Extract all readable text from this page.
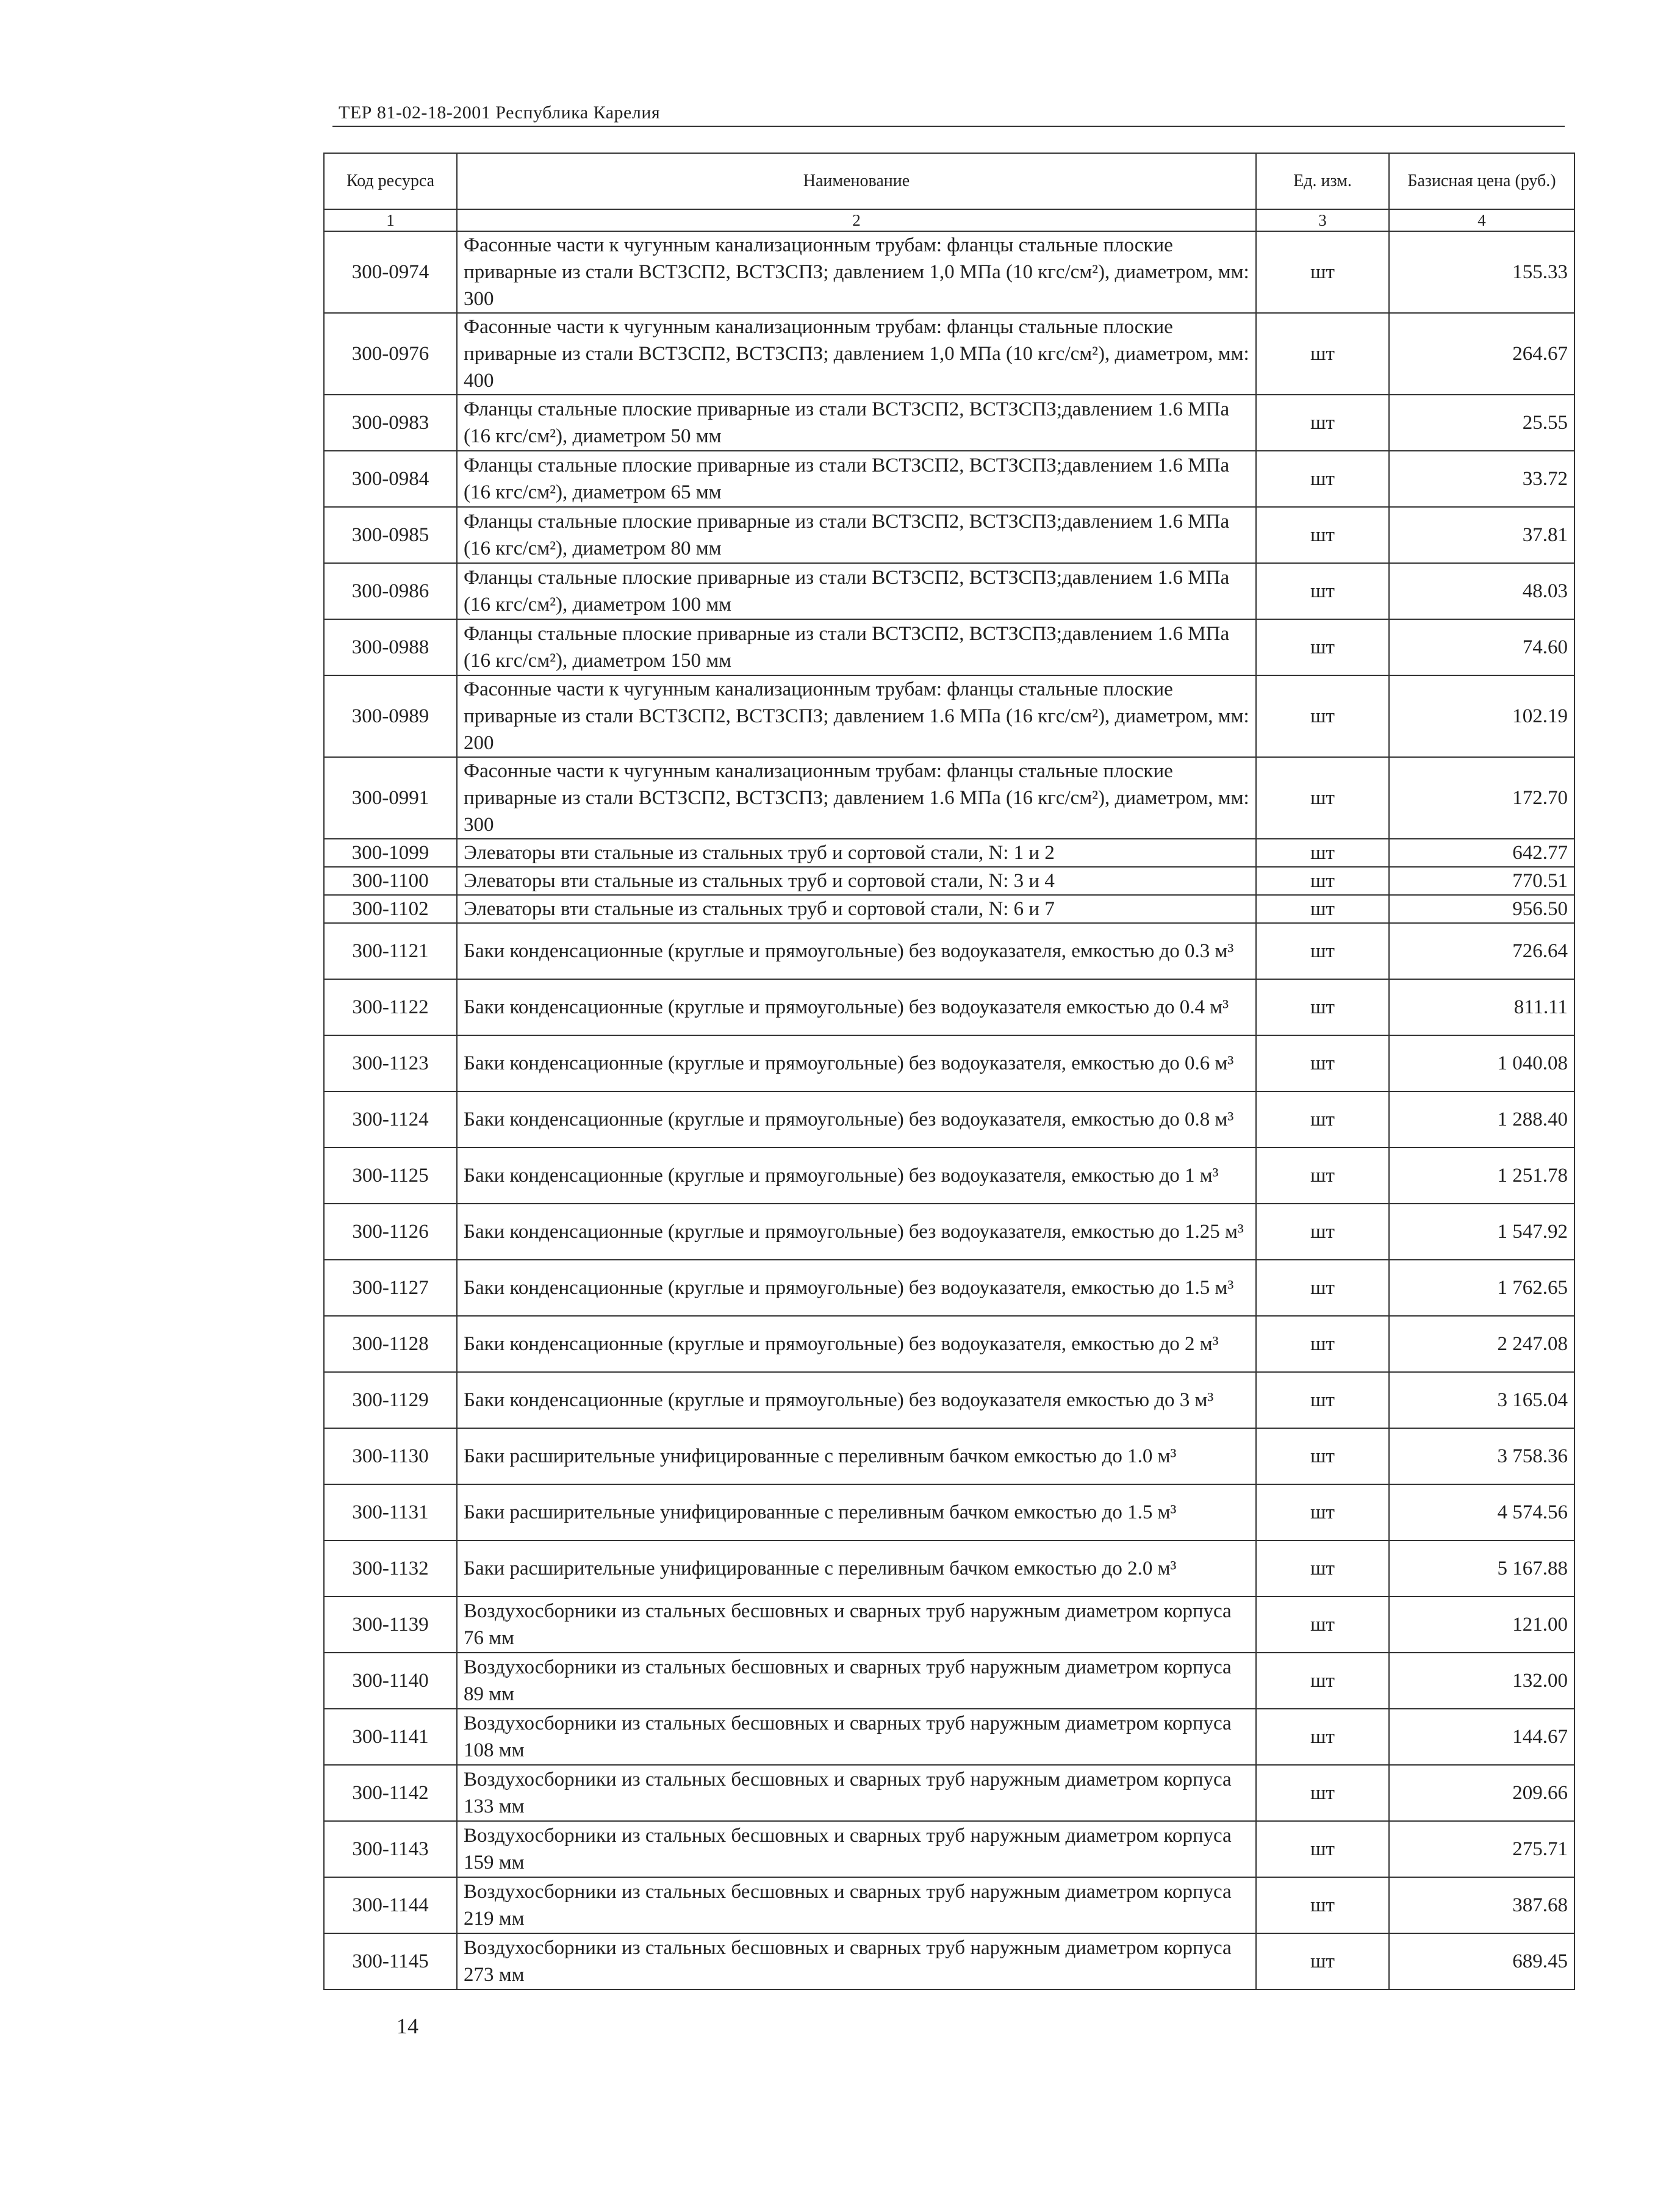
ТЕР 81-02-18-2001 Республика Карелия
Код ресурса	Наименование	Ед. изм.	Базисная цена (руб.)
1	2	3	4
300-0974	Фасонные части к чугунным канализационным трубам: фланцы стальные плоские приварные из стали ВСТЗСП2, ВСТЗСПЗ; давлением 1,0 МПа (10 кгс/см²), диаметром, мм: 300	шт	155.33
300-0976	Фасонные части к чугунным канализационным трубам: фланцы стальные плоские приварные из стали ВСТЗСП2, ВСТЗСПЗ; давлением 1,0 МПа (10 кгс/см²), диаметром, мм: 400	шт	264.67
300-0983	Фланцы стальные плоские приварные из стали ВСТЗСП2, ВСТЗСПЗ;давлением 1.6 МПа (16 кгс/см²), диаметром 50 мм	шт	25.55
300-0984	Фланцы стальные плоские приварные из стали ВСТЗСП2, ВСТЗСПЗ;давлением 1.6 МПа (16 кгс/см²), диаметром 65 мм	шт	33.72
300-0985	Фланцы стальные плоские приварные из стали ВСТЗСП2, ВСТЗСПЗ;давлением 1.6 МПа (16 кгс/см²), диаметром 80 мм	шт	37.81
300-0986	Фланцы стальные плоские приварные из стали ВСТЗСП2, ВСТЗСПЗ;давлением 1.6 МПа (16 кгс/см²), диаметром 100 мм	шт	48.03
300-0988	Фланцы стальные плоские приварные из стали ВСТЗСП2, ВСТЗСПЗ;давлением 1.6 МПа (16 кгс/см²), диаметром 150 мм	шт	74.60
300-0989	Фасонные части к чугунным канализационным трубам: фланцы стальные плоские приварные из стали ВСТЗСП2, ВСТЗСПЗ; давлением 1.6 МПа (16 кгс/см²), диаметром, мм: 200	шт	102.19
300-0991	Фасонные части к чугунным канализационным трубам: фланцы стальные плоские приварные из стали ВСТЗСП2, ВСТЗСПЗ; давлением 1.6 МПа (16 кгс/см²), диаметром, мм: 300	шт	172.70
300-1099	Элеваторы вти стальные из стальных труб и сортовой стали, N: 1 и 2	шт	642.77
300-1100	Элеваторы вти стальные из стальных труб и сортовой стали, N: 3 и 4	шт	770.51
300-1102	Элеваторы вти стальные из стальных труб и сортовой стали, N: 6 и 7	шт	956.50
300-1121	Баки конденсационные (круглые и прямоугольные) без водоуказателя, емкостью до 0.3 м³	шт	726.64
300-1122	Баки конденсационные (круглые и прямоугольные) без водоуказателя емкостью до 0.4 м³	шт	811.11
300-1123	Баки конденсационные (круглые и прямоугольные) без водоуказателя, емкостью до 0.6 м³	шт	1 040.08
300-1124	Баки конденсационные (круглые и прямоугольные) без водоуказателя, емкостью до 0.8 м³	шт	1 288.40
300-1125	Баки конденсационные (круглые и прямоугольные) без водоуказателя, емкостью до 1 м³	шт	1 251.78
300-1126	Баки конденсационные (круглые и прямоугольные) без водоуказателя, емкостью до 1.25 м³	шт	1 547.92
300-1127	Баки конденсационные (круглые и прямоугольные) без водоуказателя, емкостью до 1.5 м³	шт	1 762.65
300-1128	Баки конденсационные (круглые и прямоугольные) без водоуказателя, емкостью до 2 м³	шт	2 247.08
300-1129	Баки конденсационные (круглые и прямоугольные) без водоуказателя емкостью до 3 м³	шт	3 165.04
300-1130	Баки расширительные унифицированные с переливным бачком емкостью до 1.0 м³	шт	3 758.36
300-1131	Баки расширительные унифицированные с переливным бачком емкостью до 1.5 м³	шт	4 574.56
300-1132	Баки расширительные унифицированные с переливным бачком емкостью до 2.0 м³	шт	5 167.88
300-1139	Воздухосборники из стальных бесшовных и сварных труб наружным диаметром корпуса 76 мм	шт	121.00
300-1140	Воздухосборники из стальных бесшовных и сварных труб наружным диаметром корпуса 89 мм	шт	132.00
300-1141	Воздухосборники из стальных бесшовных и сварных труб наружным диаметром корпуса 108 мм	шт	144.67
300-1142	Воздухосборники из стальных бесшовных и сварных труб наружным диаметром корпуса 133 мм	шт	209.66
300-1143	Воздухосборники из стальных бесшовных и сварных труб наружным диаметром корпуса 159 мм	шт	275.71
300-1144	Воздухосборники из стальных бесшовных и сварных труб наружным диаметром корпуса 219 мм	шт	387.68
300-1145	Воздухосборники из стальных бесшовных и сварных труб наружным диаметром корпуса 273 мм	шт	689.45
14
